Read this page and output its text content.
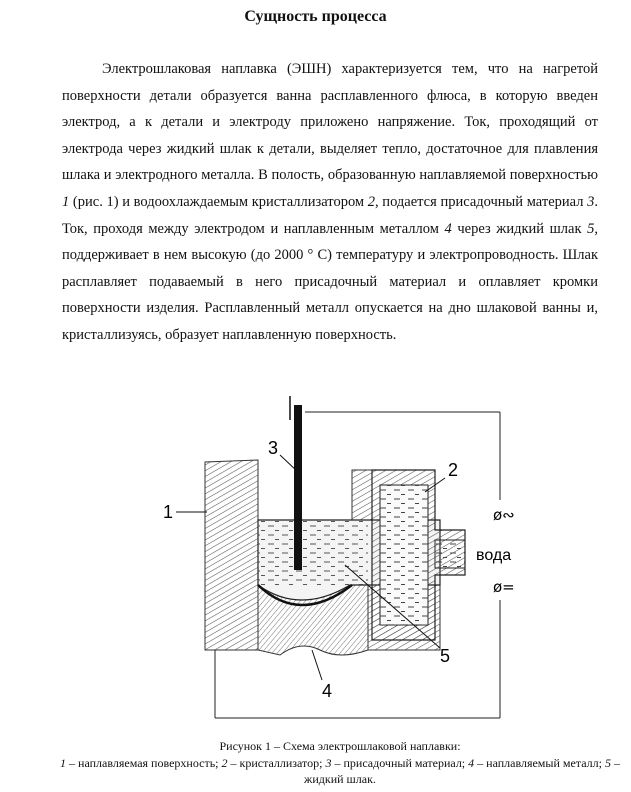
Сущность процесса
Электрошлаковая наплавка (ЭШН) характеризуется тем, что на нагретой поверхности детали образуется ванна расплавленного флюса, в которую введен электрод, а к детали и электроду приложено напряжение. Ток, проходящий от электрода через жидкий шлак к детали, выделяет тепло, достаточное для плавления шлака и электродного металла. В полость, образованную наплавляемой поверхностью 1 (рис. 1) и водоохлаждаемым кристаллизатором 2, подается присадочный материал 3. Ток, проходя между электродом и наплавленным металлом 4 через жидкий шлак 5, поддерживает в нем высокую (до 2000 ° С) температуру и электропроводность. Шлак расплавляет подаваемый в него присадочный материал и оплавляет кромки поверхности изделия. Расплавленный металл опускается на дно шлаковой ванны и, кристаллизуясь, образует наплавленную поверхность.
1
2
3
4
5
вода
ø∾
ø=
Рисунок 1 – Схема электрошлаковой наплавки:
1 – наплавляемая поверхность; 2 – кристаллизатор; 3 – присадочный материал; 4 – наплавляемый металл; 5 – жидкий шлак.
